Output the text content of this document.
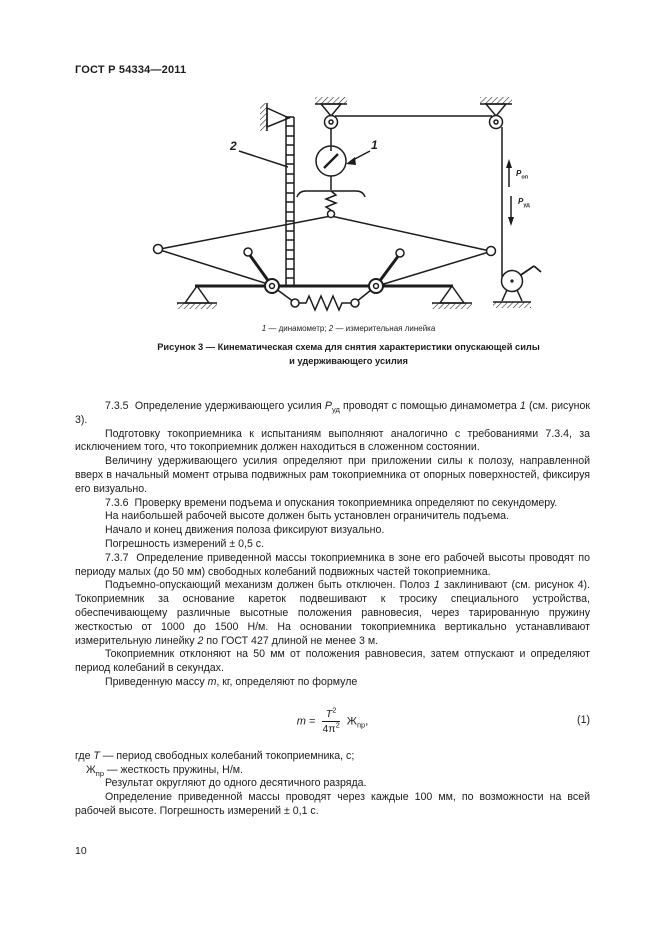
ГОСТ Р 54334—2011
2	1
$Р_{оп}$
$Р_{уд}$
1 — динамометр; 2 — измерительная линейка
Рисунок 3 — Кинематическая схема для снятия характеристики опускающей силы
и удерживающего усилия

7.3.5  Определение удерживающего усилия $Р_{уд}$ проводят с помощью динамометра 1 (см. рисунок 3).

Подготовку токоприемника к испытаниям выполняют аналогично с требованиями 7.3.4, за исключением того, что токоприемник должен находиться в сложенном состоянии.

Величину удерживающего усилия определяют при приложении силы к полозу, направленной вверх в начальный момент отрыва подвижных рам токоприемника от опорных поверхностей, фиксируя его визуально.

7.3.6  Проверку времени подъема и опускания токоприемника определяют по секундомеру.

На наибольшей рабочей высоте должен быть установлен ограничитель подъема.

Начало и конец движения полоза фиксируют визуально.

Погрешность измерений ± 0,5 с.

7.3.7  Определение приведенной массы токоприемника в зоне его рабочей высоты проводят по периоду малых (до 50 мм) свободных колебаний подвижных частей токоприемника.

Подъемно-опускающий механизм должен быть отключен. Полоз 1 заклинивают (см. рисунок 4). Токоприемник за основание кареток подвешивают к тросику специального устройства, обеспечивающему различные высотные положения равновесия, через тарированную пружину жесткостью от 1000 до 1500 Н/м. На основании токоприемника вертикально устанавливают измерительную линейку 2 по ГОСТ 427 длиной не менее 3 м.

Токоприемник отклоняют на 50 мм от положения равновесия, затем отпускают и определяют период колебаний в секундах.

Приведенную массу m, кг, определяют по формуле

$m = \frac{Т^2}{4\pi^2} Ж_{пр}$,	(1)

где Т — период свободных колебаний токоприемника, с;

$Ж_{пр}$ — жесткость пружины, Н/м.

Результат округляют до одного десятичного разряда.

Определение приведенной массы проводят через каждые 100 мм, по возможности на всей рабочей высоте. Погрешность измерений ± 0,1 с.

10
